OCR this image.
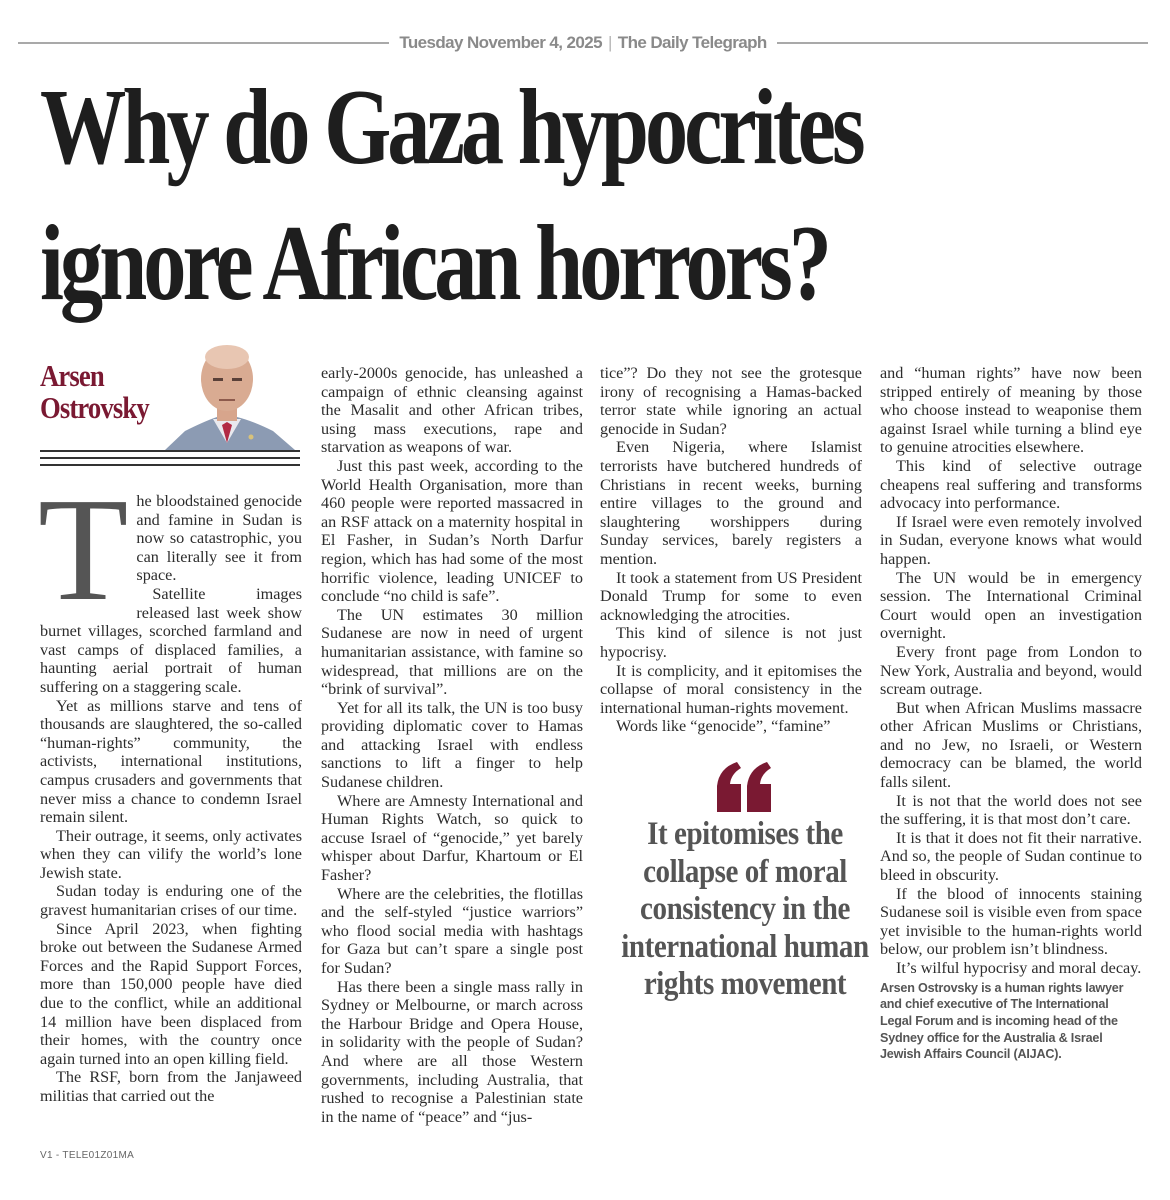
Tuesday November 4, 2025 | The Daily Telegraph
Why do Gaza hypocrites
ignore African horrors?
Arsen
Ostrovsky
T he bloodstained genocide and famine in Sudan is now so catastrophic, you can literally see it from space.

Satellite images released last week show burnet villages, scorched farmland and vast camps of displaced families, a haunting aerial portrait of human suffering on a staggering scale.

Yet as millions starve and tens of thousands are slaughtered, the so-called “human-rights” community, the activists, international institutions, campus crusaders and governments that never miss a chance to condemn Israel remain silent.

Their outrage, it seems, only activates when they can vilify the world’s lone Jewish state.

Sudan today is enduring one of the gravest humanitarian crises of our time.

Since April 2023, when fighting broke out between the Sudanese Armed Forces and the Rapid Support Forces, more than 150,000 people have died due to the conflict, while an additional 14 million have been displaced from their homes, with the country once again turned into an open killing field.

The RSF, born from the Janjaweed militias that carried out the

early-2000s genocide, has unleashed a campaign of ethnic cleansing against the Masalit and other African tribes, using mass executions, rape and starvation as weapons of war.

Just this past week, according to the World Health Organisation, more than 460 people were reported massacred in an RSF attack on a maternity hospital in El Fasher, in Sudan’s North Darfur region, which has had some of the most horrific violence, leading UNICEF to conclude “no child is safe”.

The UN estimates 30 million Sudanese are now in need of urgent humanitarian assistance, with famine so widespread, that millions are on the “brink of survival”.

Yet for all its talk, the UN is too busy providing diplomatic cover to Hamas and attacking Israel with endless sanctions to lift a finger to help Sudanese children.

Where are Amnesty International and Human Rights Watch, so quick to accuse Israel of “genocide,” yet barely whisper about Darfur, Khartoum or El Fasher?

Where are the celebrities, the flotillas and the self-styled “justice warriors” who flood social media with hashtags for Gaza but can’t spare a single post for Sudan?

Has there been a single mass rally in Sydney or Melbourne, or march across the Harbour Bridge and Opera House, in solidarity with the people of Sudan? And where are all those Western governments, including Australia, that rushed to recognise a Palestinian state in the name of “peace” and “jus-

tice”? Do they not see the grotesque irony of recognising a Hamas-backed terror state while ignoring an actual genocide in Sudan?

Even Nigeria, where Islamist terrorists have butchered hundreds of Christians in recent weeks, burning entire villages to the ground and slaughtering worshippers during Sunday services, barely registers a mention.

It took a statement from US President Donald Trump for some to even acknowledging the atrocities.

This kind of silence is not just hypocrisy.

It is complicity, and it epitomises the collapse of moral consistency in the international human-rights movement.

Words like “genocide”, “famine”

It epitomises the collapse of moral consistency in the international human rights movement

and “human rights” have now been stripped entirely of meaning by those who choose instead to weaponise them against Israel while turning a blind eye to genuine atrocities elsewhere.

This kind of selective outrage cheapens real suffering and transforms advocacy into performance.

If Israel were even remotely involved in Sudan, everyone knows what would happen.

The UN would be in emergency session. The International Criminal Court would open an investigation overnight.

Every front page from London to New York, Australia and beyond, would scream outrage.

But when African Muslims massacre other African Muslims or Christians, and no Jew, no Israeli, or Western democracy can be blamed, the world falls silent.

It is not that the world does not see the suffering, it is that most don’t care.

It is that it does not fit their narrative. And so, the people of Sudan continue to bleed in obscurity.

If the blood of innocents staining Sudanese soil is visible even from space yet invisible to the human-rights world below, our problem isn’t blindness.

It’s wilful hypocrisy and moral decay.

Arsen Ostrovsky is a human rights lawyer and chief executive of The International Legal Forum and is incoming head of the Sydney office for the Australia & Israel Jewish Affairs Council (AIJAC).
V1 - TELE01Z01MA
